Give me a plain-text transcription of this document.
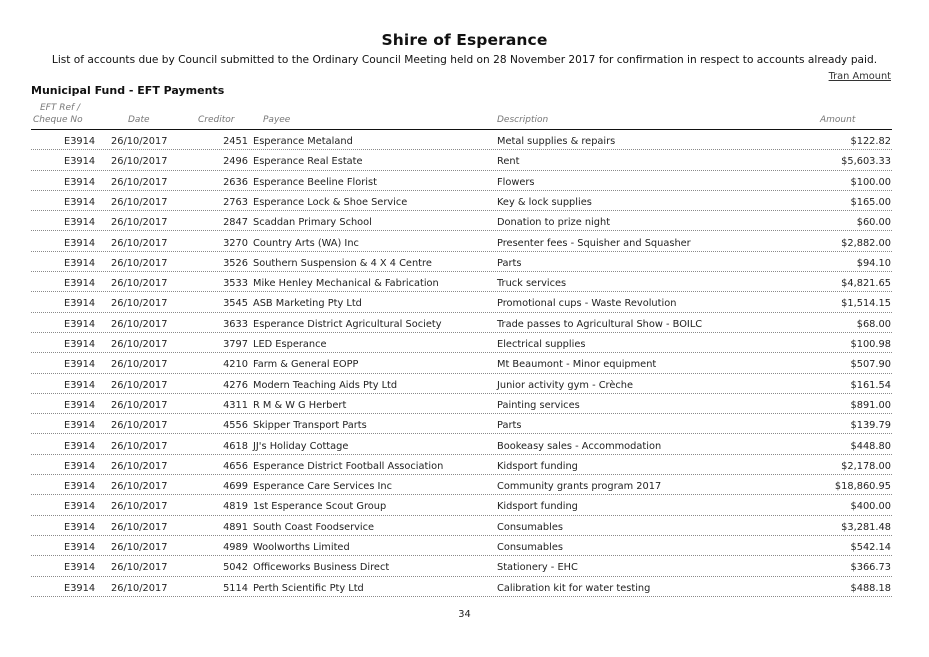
Shire of Esperance
List of accounts due by Council submitted to the Ordinary Council Meeting held on 28 November 2017 for confirmation in respect to accounts already paid.
Tran Amount
Municipal Fund - EFT Payments
EFT Ref /
Cheque No	Date	Creditor	Payee	Description	Amount
E3914 26/10/2017	2451 Esperance Metaland	Metal supplies & repairs	$122.82
E3914 26/10/2017	2496 Esperance Real Estate	Rent	$5,603.33
E3914 26/10/2017	2636 Esperance Beeline Florist	Flowers	$100.00
E3914 26/10/2017	2763 Esperance Lock & Shoe Service	Key & lock supplies	$165.00
E3914 26/10/2017	2847 Scaddan Primary School	Donation to prize night	$60.00
E3914 26/10/2017	3270 Country Arts (WA) Inc	Presenter fees - Squisher and Squasher	$2,882.00
E3914 26/10/2017	3526 Southern Suspension & 4 X 4 Centre	Parts	$94.10
E3914 26/10/2017	3533 Mike Henley Mechanical & Fabrication	Truck services	$4,821.65
E3914 26/10/2017	3545 ASB Marketing Pty Ltd	Promotional cups - Waste Revolution	$1,514.15
E3914 26/10/2017	3633 Esperance District Agricultural Society	Trade passes to Agricultural Show - BOILC	$68.00
E3914 26/10/2017	3797 LED Esperance	Electrical supplies	$100.98
E3914 26/10/2017	4210 Farm & General EOPP	Mt Beaumont - Minor equipment	$507.90
E3914 26/10/2017	4276 Modern Teaching Aids Pty Ltd	Junior activity gym - Crèche	$161.54
E3914 26/10/2017	4311 R M & W G Herbert	Painting services	$891.00
E3914 26/10/2017	4556 Skipper Transport Parts	Parts	$139.79
E3914 26/10/2017	4618 JJ's Holiday Cottage	Bookeasy sales - Accommodation	$448.80
E3914 26/10/2017	4656 Esperance District Football Association	Kidsport funding	$2,178.00
E3914 26/10/2017	4699 Esperance Care Services Inc	Community grants program 2017	$18,860.95
E3914 26/10/2017	4819 1st Esperance Scout Group	Kidsport funding	$400.00
E3914 26/10/2017	4891 South Coast Foodservice	Consumables	$3,281.48
E3914 26/10/2017	4989 Woolworths Limited	Consumables	$542.14
E3914 26/10/2017	5042 Officeworks Business Direct	Stationery - EHC	$366.73
E3914 26/10/2017	5114 Perth Scientific Pty Ltd	Calibration kit for water testing	$488.18
34
